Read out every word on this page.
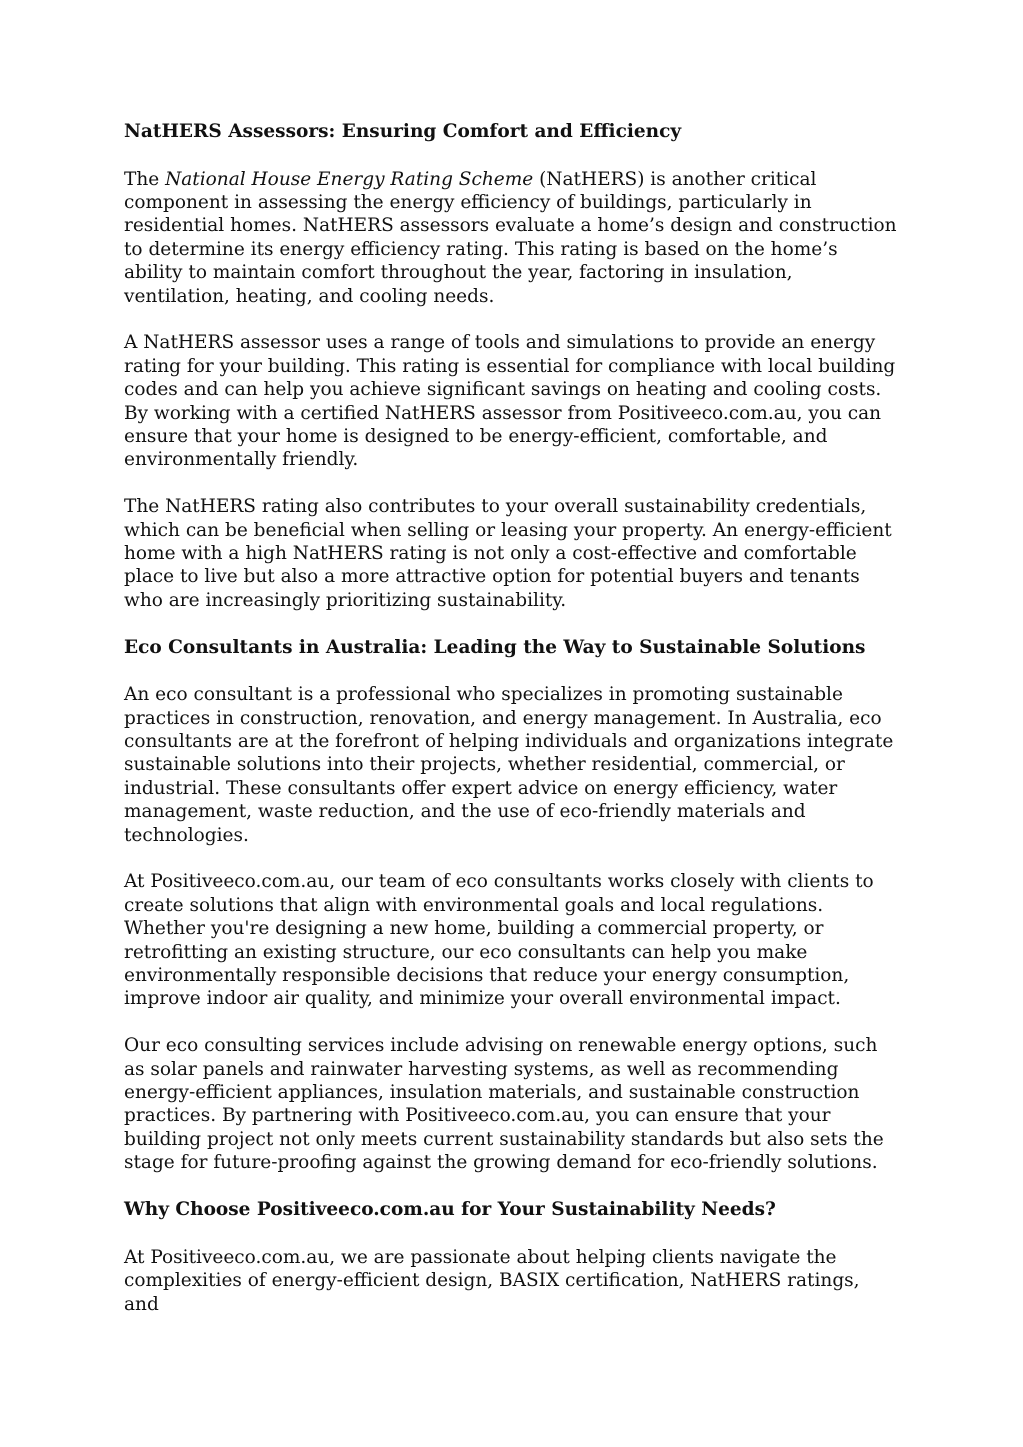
NatHERS Assessors: Ensuring Comfort and Efficiency

The National House Energy Rating Scheme (NatHERS) is another critical component in assessing the energy efficiency of buildings, particularly in residential homes. NatHERS assessors evaluate a home’s design and construction to determine its energy efficiency rating. This rating is based on the home’s ability to maintain comfort throughout the year, factoring in insulation, ventilation, heating, and cooling needs.

A NatHERS assessor uses a range of tools and simulations to provide an energy rating for your building. This rating is essential for compliance with local building codes and can help you achieve significant savings on heating and cooling costs. By working with a certified NatHERS assessor from Positiveeco.com.au, you can ensure that your home is designed to be energy-efficient, comfortable, and environmentally friendly.

The NatHERS rating also contributes to your overall sustainability credentials, which can be beneficial when selling or leasing your property. An energy-efficient home with a high NatHERS rating is not only a cost-effective and comfortable place to live but also a more attractive option for potential buyers and tenants who are increasingly prioritizing sustainability.

Eco Consultants in Australia: Leading the Way to Sustainable Solutions

An eco consultant is a professional who specializes in promoting sustainable practices in construction, renovation, and energy management. In Australia, eco consultants are at the forefront of helping individuals and organizations integrate sustainable solutions into their projects, whether residential, commercial, or industrial. These consultants offer expert advice on energy efficiency, water management, waste reduction, and the use of eco-friendly materials and technologies.

At Positiveeco.com.au, our team of eco consultants works closely with clients to create solutions that align with environmental goals and local regulations. Whether you're designing a new home, building a commercial property, or retrofitting an existing structure, our eco consultants can help you make environmentally responsible decisions that reduce your energy consumption, improve indoor air quality, and minimize your overall environmental impact.

Our eco consulting services include advising on renewable energy options, such as solar panels and rainwater harvesting systems, as well as recommending energy-efficient appliances, insulation materials, and sustainable construction practices. By partnering with Positiveeco.com.au, you can ensure that your building project not only meets current sustainability standards but also sets the stage for future-proofing against the growing demand for eco-friendly solutions.

Why Choose Positiveeco.com.au for Your Sustainability Needs?

At Positiveeco.com.au, we are passionate about helping clients navigate the complexities of energy-efficient design, BASIX certification, NatHERS ratings, and
